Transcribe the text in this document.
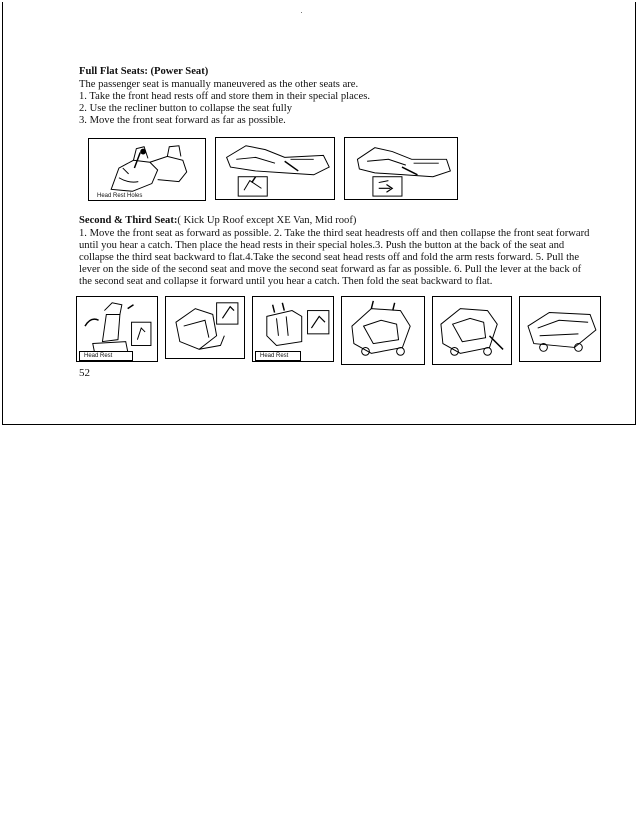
Full Flat Seats: (Power Seat)
The passenger seat is manually maneuvered as the other seats are.
1. Take the front head rests off and store them in their special places.
2. Use the recliner button to collapse the seat fully
3. Move the front seat forward as far as possible.
Head Rest Holes
Second & Third Seat:( Kick Up Roof except XE Van, Mid roof)
1. Move the front seat as forward as possible. 2. Take the third seat headrests off and then collapse the front seat forward
until you hear a catch. Then place the head rests in their special holes.3. Push the button at the back of the seat and
collapse the third seat backward to flat.4.Take the second seat head rests off and fold the arm rests forward. 5. Pull the
lever on the side of the second seat and move the second seat forward as far as possible. 6. Pull the lever at the back of
the second seat and collapse it forward until you hear a catch. Then fold the seat backward to flat.
Head Rest	Head Rest
52
